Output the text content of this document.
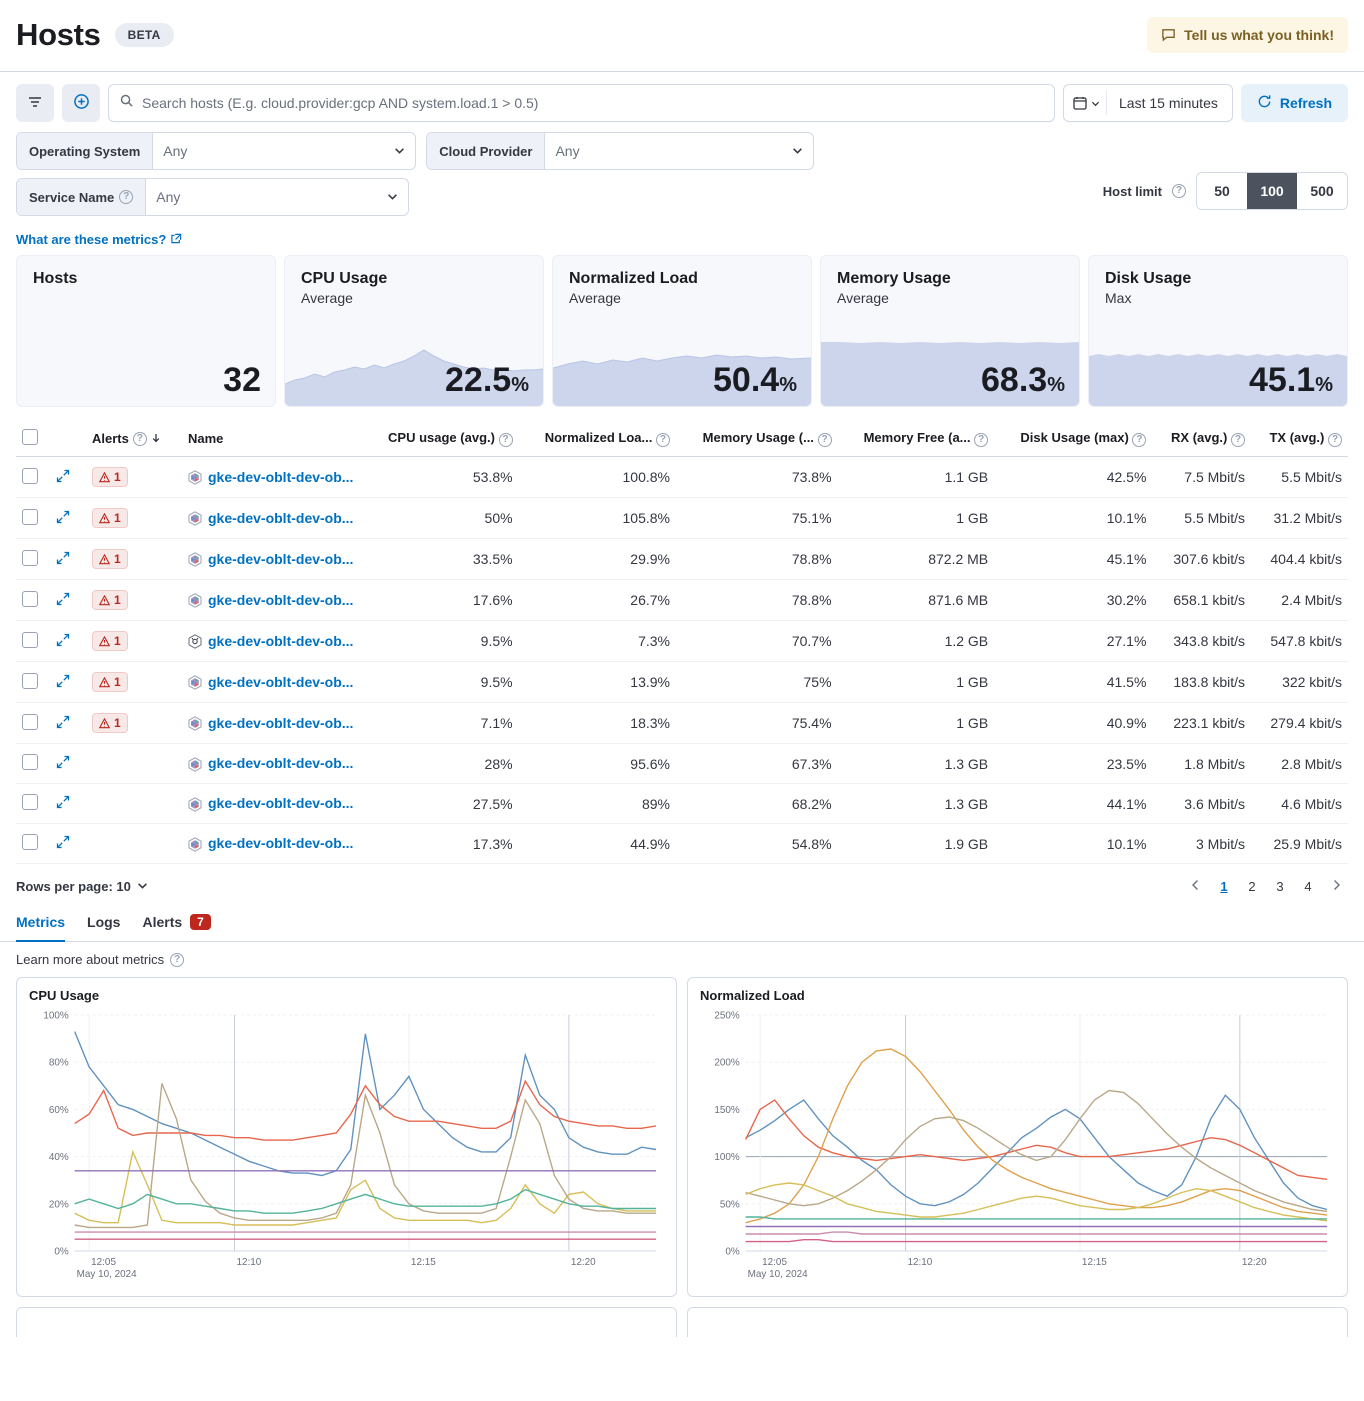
Hosts	BETA	Tell us what you think!
Search hosts (E.g. cloud.provider:gcp AND system.load.1 > 0.5)	Last 15 minutes	Refresh
Operating System	Any	Cloud Provider	Any
Service Name ? Any	Host limit	?	50	100	500
What are these metrics?
Hosts
32
CPU Usage
Average
22.5%
Normalized Load
Average
50.4%
Memory Usage
Average
68.3%
Disk Usage
Max
45.1%

		Alerts ?	Name	CPU usage (avg.) ?	Normalized Loa... ?	Memory Usage (... ?	Memory Free (a... ?	Disk Usage (max) ?	RX (avg.) ?	TX (avg.) ?

1	gke-dev-oblt-dev-ob...	53.8%	100.8%	73.8%	1.1 GB	42.5%	7.5 Mbit/s	5.5 Mbit/s

1	gke-dev-oblt-dev-ob...	50%	105.8%	75.1%	1 GB	10.1%	5.5 Mbit/s	31.2 Mbit/s

1	gke-dev-oblt-dev-ob...	33.5%	29.9%	78.8%	872.2 MB	45.1%	307.6 kbit/s	404.4 kbit/s

1	gke-dev-oblt-dev-ob...	17.6%	26.7%	78.8%	871.6 MB	30.2%	658.1 kbit/s	2.4 Mbit/s

1	gke-dev-oblt-dev-ob...	9.5%	7.3%	70.7%	1.2 GB	27.1%	343.8 kbit/s	547.8 kbit/s

1	gke-dev-oblt-dev-ob...	9.5%	13.9%	75%	1 GB	41.5%	183.8 kbit/s	322 kbit/s

1	gke-dev-oblt-dev-ob...	7.1%	18.3%	75.4%	1 GB	40.9%	223.1 kbit/s	279.4 kbit/s
			gke-dev-oblt-dev-ob...	28%	95.6%	67.3%	1.3 GB	23.5%	1.8 Mbit/s	2.8 Mbit/s
			gke-dev-oblt-dev-ob...	27.5%	89%	68.2%	1.3 GB	44.1%	3.6 Mbit/s	4.6 Mbit/s
			gke-dev-oblt-dev-ob...	17.3%	44.9%	54.8%	1.9 GB	10.1%	3 Mbit/s	25.9 Mbit/s
Rows per page: 10	1	2	3	4
Metrics Logs Alerts	7
Learn more about metrics ?
CPU Usage
0%
20%
40%
60%
80%
100%
12:05	12:10	12:15	12:20
May 10, 2024
Normalized Load
0%
50%
100%
150%
200%
250%
12:05	12:10	12:15	12:20
May 10, 2024
